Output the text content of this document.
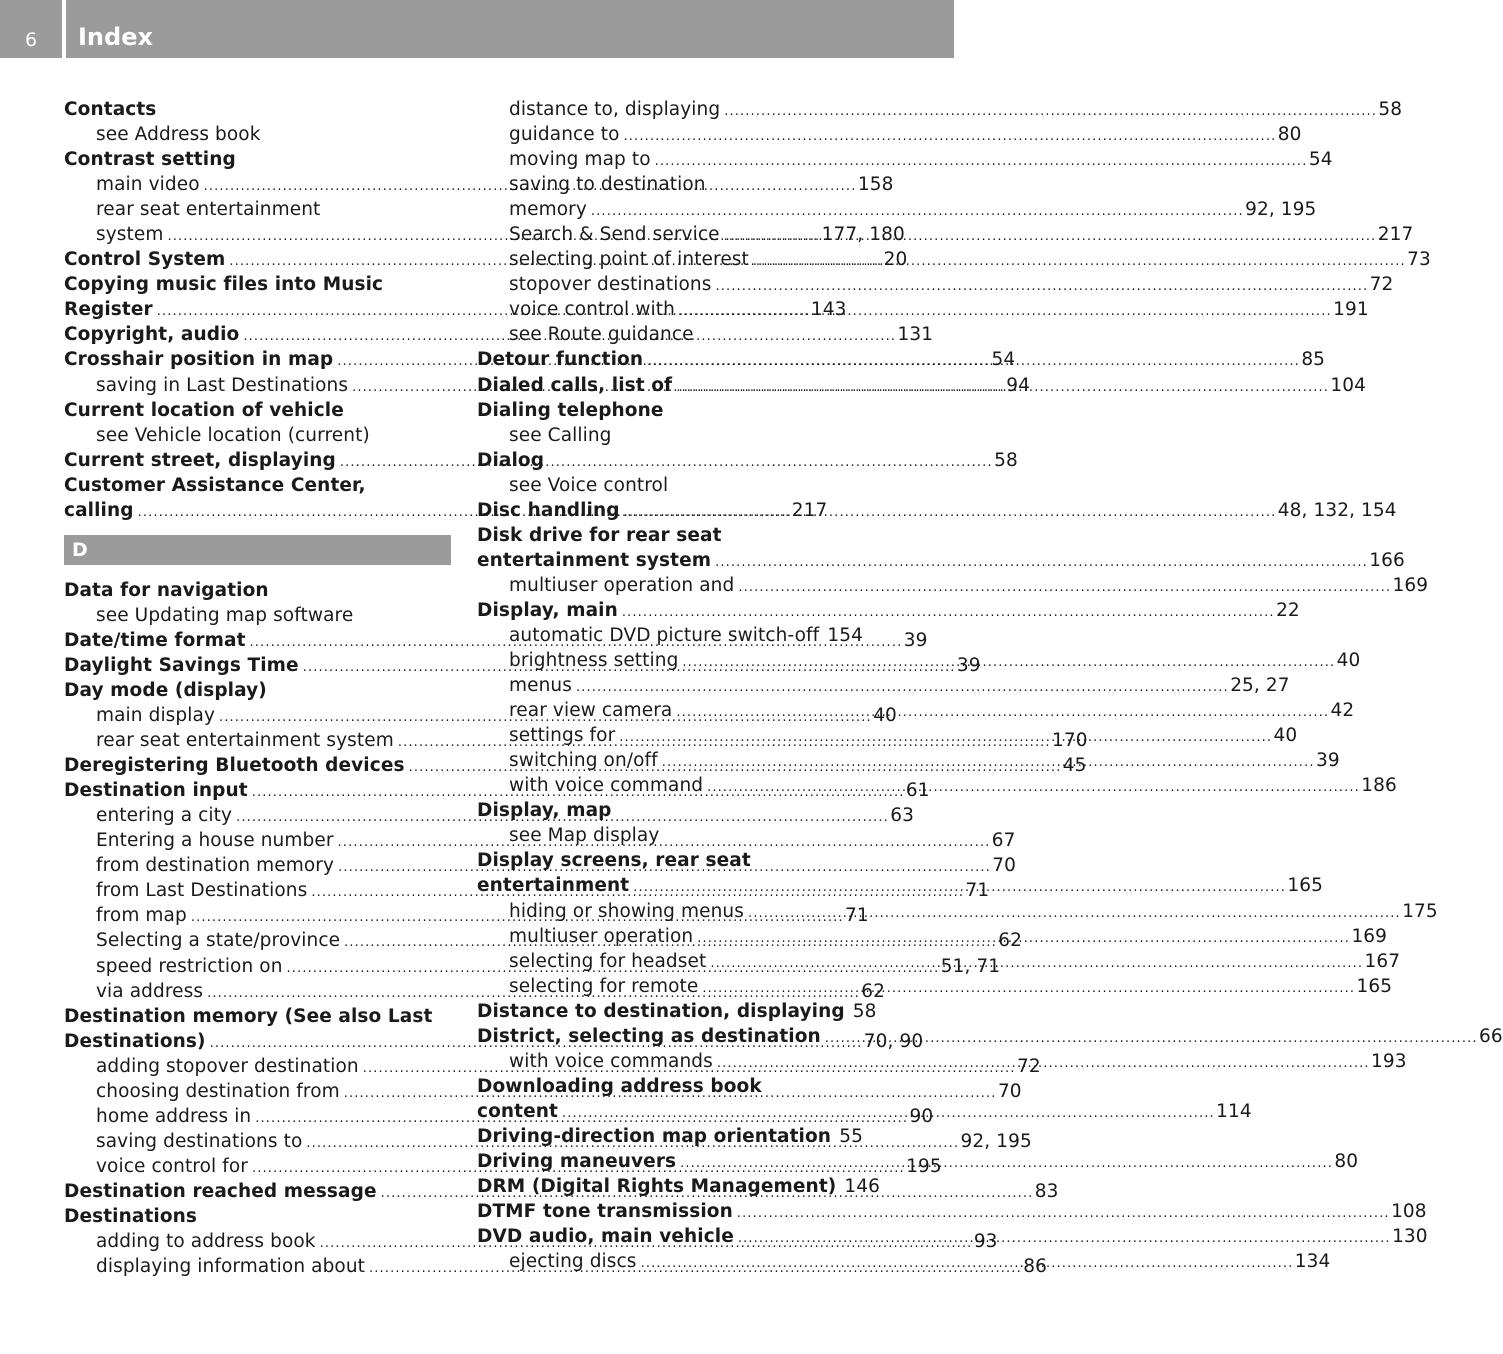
6	Index
Contacts
see Address book
Contrast setting
main video . . .	158
rear seat entertainment
system . . .	177, 180
Control System . . .	20
Copying music files into Music
Register . . .	143
Copyright, audio . . .	131
Crosshair position in map . . .	54
saving in Last Destinations . . .	94
Current location of vehicle
see Vehicle location (current)
Current street, displaying . . .	58
Customer Assistance Center,
calling . . .	217
D
Data for navigation
see Updating map software
Date/time format . . .	39
Daylight Savings Time . . .	39
Day mode (display)
main display . . .	40
rear seat entertainment system . . .	170
Deregistering Bluetooth devices . . .	45
Destination input . . .	61
entering a city . . .	63
Entering a house number . . .	67
from destination memory . . .	70
from Last Destinations . . .	71
from map . . .	71
Selecting a state/province . . .	62
speed restriction on . . .	51, 71
via address . . .	62
Destination memory (See also Last
Destinations) . . .	70, 90
adding stopover destination . . .	72
choosing destination from . . .	70
home address in . . .	90
saving destinations to . . .	92, 195
voice control for . . .	195
Destination reached message . . .	83
Destinations
adding to address book . . .	93
displaying information about . . .	86
distance to, displaying . . .	58
guidance to . . .	80
moving map to . . .	54
saving to destination
memory . . .	92, 195
Search & Send service . . .	217
selecting point of interest . . .	73
stopover destinations . . .	72
voice control with . . .	191
see Route guidance
Detour function . . .	85
Dialed calls, list of . . .	104
Dialing telephone
see Calling
Dialog
see Voice control
Disc handling . . .	48, 132, 154
Disk drive for rear seat
entertainment system . . .	166
multiuser operation and . . .	169
Display, main . . .	22
automatic DVD picture switch-off . . . 154
brightness setting . . .	40
menus . . .	25, 27
rear view camera . . .	42
settings for . . .	40
switching on/off . . .	39
with voice command . . .	186
Display, map
see Map display
Display screens, rear seat
entertainment . . .	165
hiding or showing menus . . .	175
multiuser operation . . .	169
selecting for headset . . .	167
selecting for remote . . .	165
Distance to destination, displaying 58
District, selecting as destination . . .	66
with voice commands . . .	193
Downloading address book
content . . .	114
Driving-direction map orientation . . . 55
Driving maneuvers . . .	80
DRM (Digital Rights Management) 146
DTMF tone transmission . . .	108
DVD audio, main vehicle . . .	130
ejecting discs . . .	134
